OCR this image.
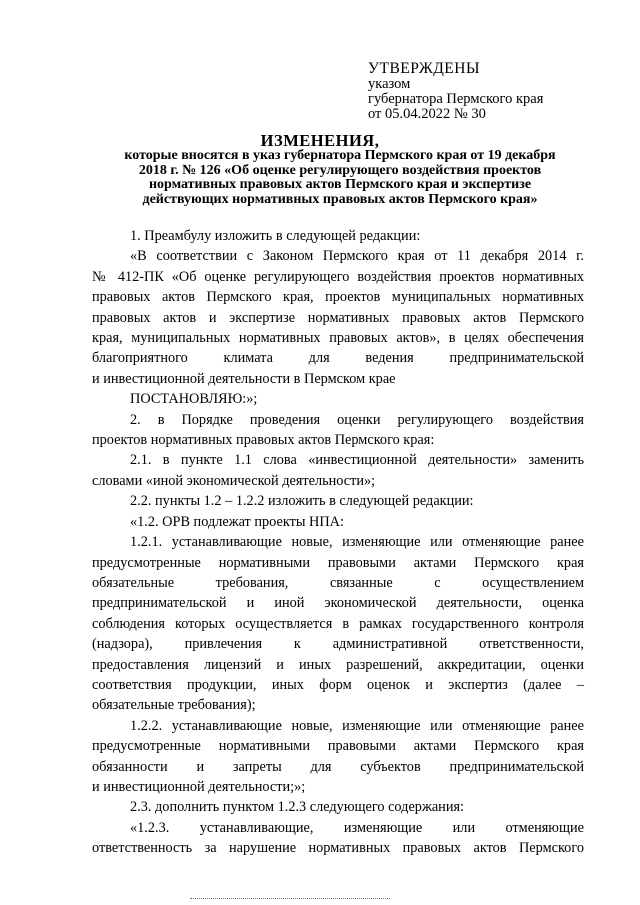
УТВЕРЖДЕНЫ
указом
губернатора Пермского края
от 05.04.2022 № 30
ИЗМЕНЕНИЯ,
которые вносятся в указ губернатора Пермского края от 19 декабря
2018 г. № 126 «Об оценке регулирующего воздействия проектов
нормативных правовых актов Пермского края и экспертизе
действующих нормативных правовых актов Пермского края»
1. Преамбулу изложить в следующей редакции:
«В соответствии с Законом Пермского края от 11 декабря 2014 г.
№ 412-ПК «Об оценке регулирующего воздействия проектов нормативных
правовых актов Пермского края, проектов муниципальных нормативных
правовых актов и экспертизе нормативных правовых актов Пермского
края, муниципальных нормативных правовых актов», в целях обеспечения
благоприятного климата для ведения предпринимательской
и инвестиционной деятельности в Пермском крае
ПОСТАНОВЛЯЮ:»;
2. в Порядке проведения оценки регулирующего воздействия
проектов нормативных правовых актов Пермского края:
2.1. в пункте 1.1 слова «инвестиционной деятельности» заменить
словами «иной экономической деятельности»;
2.2. пункты 1.2 – 1.2.2 изложить в следующей редакции:
«1.2. ОРВ подлежат проекты НПА:
1.2.1. устанавливающие новые, изменяющие или отменяющие ранее
предусмотренные нормативными правовыми актами Пермского края
обязательные требования, связанные с осуществлением
предпринимательской и иной экономической деятельности, оценка
соблюдения которых осуществляется в рамках государственного контроля
(надзора), привлечения к административной ответственности,
предоставления лицензий и иных разрешений, аккредитации, оценки
соответствия продукции, иных форм оценок и экспертиз (далее –
обязательные требования);
1.2.2. устанавливающие новые, изменяющие или отменяющие ранее
предусмотренные нормативными правовыми актами Пермского края
обязанности и запреты для субъектов предпринимательской
и инвестиционной деятельности;»;
2.3. дополнить пунктом 1.2.3 следующего содержания:
«1.2.3. устанавливающие, изменяющие или отменяющие
ответственность за нарушение нормативных правовых актов Пермского
